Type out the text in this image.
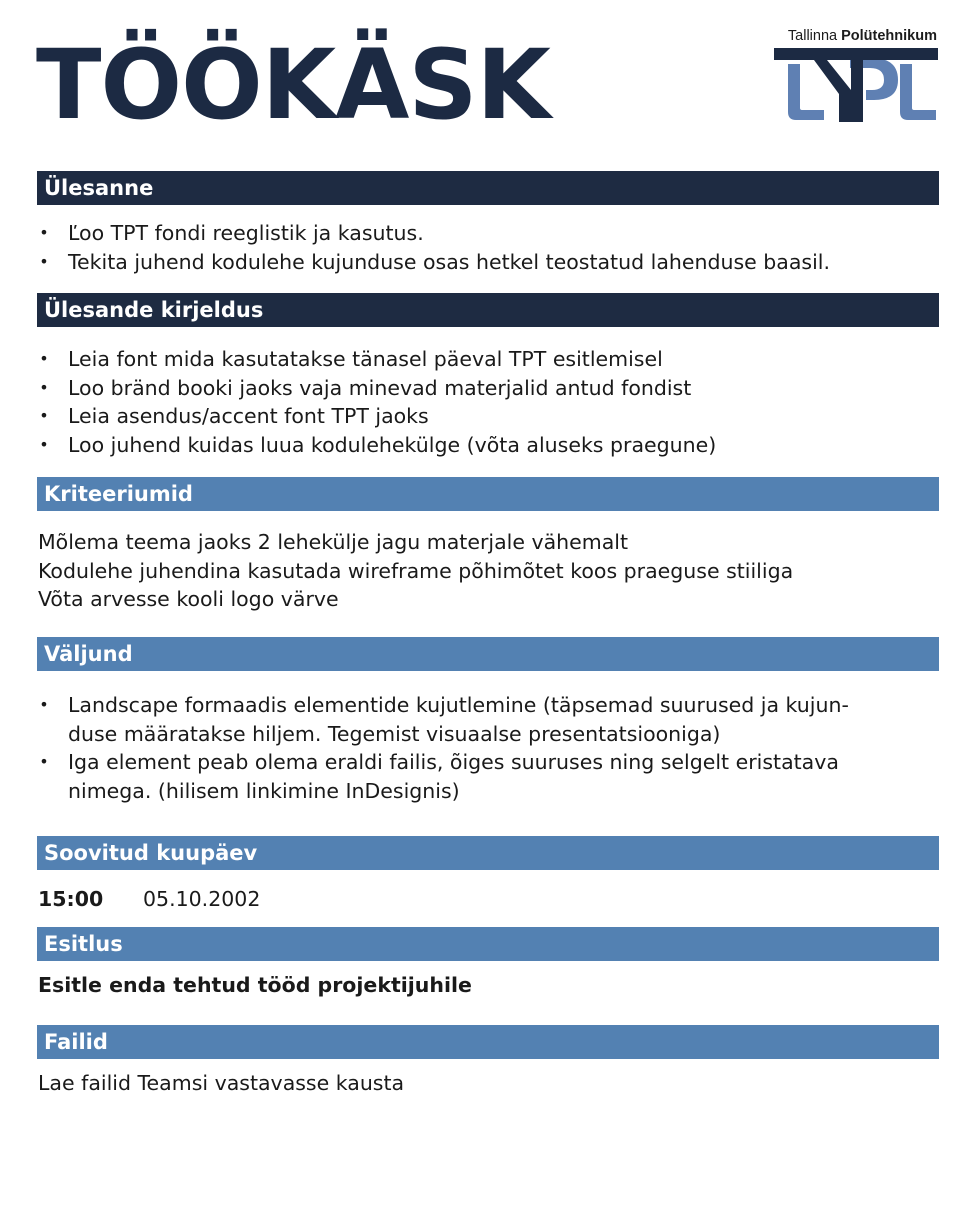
TÖÖKÄSK	Tallinna Polütehnikum
Ülesanne
• Ľoo TPT fondi reeglistik ja kasutus.
• Tekita juhend kodulehe kujunduse osas hetkel teostatud lahenduse baasil.
Ülesande kirjeldus
• Leia font mida kasutatakse tänasel päeval TPT esitlemisel
• Loo bränd booki jaoks vaja minevad materjalid antud fondist
• Leia asendus/accent font TPT jaoks
• Loo juhend kuidas luua kodulehekülge (võta aluseks praegune)
Kriteeriumid
Mõlema teema jaoks 2 lehekülje jagu materjale vähemalt
Kodulehe juhendina kasutada wireframe põhimõtet koos praeguse stiiliga
Võta arvesse kooli logo värve
Väljund
• Landscape formaadis elementide kujutlemine (täpsemad suurused ja kujun-
duse määratakse hiljem. Tegemist visuaalse presentatsiooniga)
• Iga element peab olema eraldi failis, õiges suuruses ning selgelt eristatava
nimega. (hilisem linkimine InDesignis)
Soovitud kuupäev
15:00	05.10.2002
Esitlus
Esitle enda tehtud tööd projektijuhile
Failid
Lae failid Teamsi vastavasse kausta
